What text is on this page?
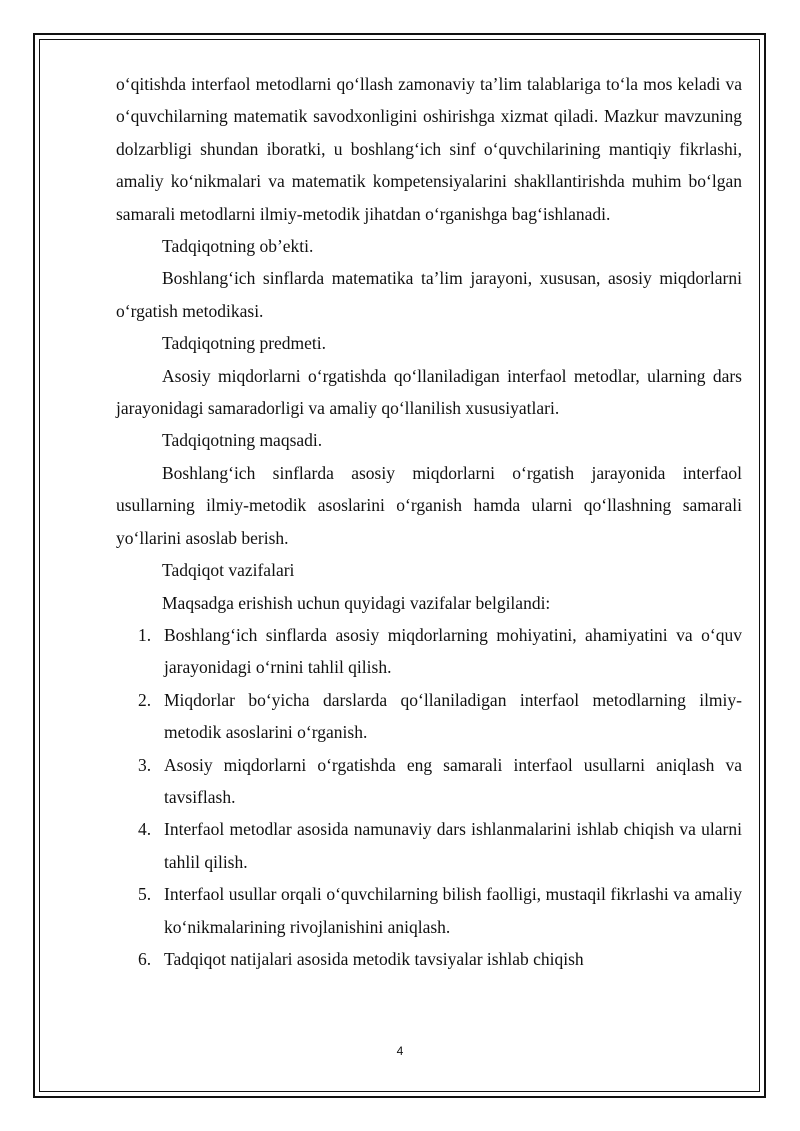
o‘qitishda interfaol metodlarni qo‘llash zamonaviy ta’lim talablariga to‘la mos keladi va o‘quvchilarning matematik savodxonligini oshirishga xizmat qiladi. Mazkur mavzuning dolzarbligi shundan iboratki, u boshlang‘ich sinf o‘quvchilarining mantiqiy fikrlashi, amaliy ko‘nikmalari va matematik kompetensiyalarini shakllantirishda muhim bo‘lgan samarali metodlarni ilmiy-metodik jihatdan o‘rganishga bag‘ishlanadi.

Tadqiqotning ob’ekti.

Boshlang‘ich sinflarda matematika ta’lim jarayoni, xususan, asosiy miqdorlarni o‘rgatish metodikasi.

Tadqiqotning predmeti.

Asosiy miqdorlarni o‘rgatishda qo‘llaniladigan interfaol metodlar, ularning dars jarayonidagi samaradorligi va amaliy qo‘llanilish xususiyatlari.

Tadqiqotning maqsadi.

Boshlang‘ich sinflarda asosiy miqdorlarni o‘rgatish jarayonida interfaol usullarning ilmiy-metodik asoslarini o‘rganish hamda ularni qo‘llashning samarali yo‘llarini asoslab berish.

Tadqiqot vazifalari

Maqsadga erishish uchun quyidagi vazifalar belgilandi:

1. Boshlang‘ich sinflarda asosiy miqdorlarning mohiyatini, ahamiyatini va o‘quv jarayonidagi o‘rnini tahlil qilish.
2. Miqdorlar bo‘yicha darslarda qo‘llaniladigan interfaol metodlarning ilmiy-metodik asoslarini o‘rganish.
3. Asosiy miqdorlarni o‘rgatishda eng samarali interfaol usullarni aniqlash va tavsiflash.
4. Interfaol metodlar asosida namunaviy dars ishlanmalarini ishlab chiqish va ularni tahlil qilish.
5. Interfaol usullar orqali o‘quvchilarning bilish faolligi, mustaqil fikrlashi va amaliy ko‘nikmalarining rivojlanishini aniqlash.
6. Tadqiqot natijalari asosida metodik tavsiyalar ishlab chiqish
4
